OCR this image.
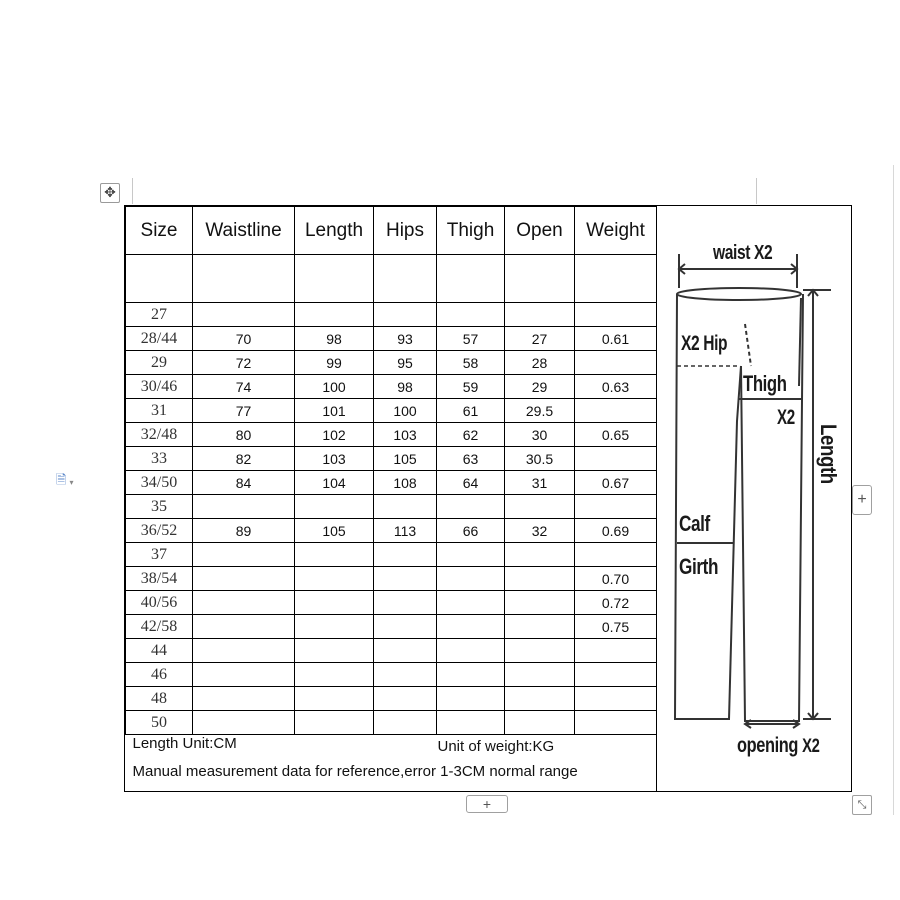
✥
🗎 ▾
Size	Waistline	Length	Hips	Thigh	Open	Weight

27						
28/44	70	98	93	57	27	0.61
29	72	99	95	58	28	
30/46	74	100	98	59	29	0.63
31	77	101	100	61	29.5	
32/48	80	102	103	62	30	0.65
33	82	103	105	63	30.5	
34/50	84	104	108	64	31	0.67
35						
36/52	89	105	113	66	32	0.69
37						
38/54						0.70
40/56						0.72
42/58						0.75
44						
46						
48						
50						

Length Unit:CM Unit of weight:KG						

Manual measurement data for reference,error 1-3CM normal range						
waist X2
X2 Hip
Thigh
X2
Length
Calf
Girth
opening X2
+
+	⤡
